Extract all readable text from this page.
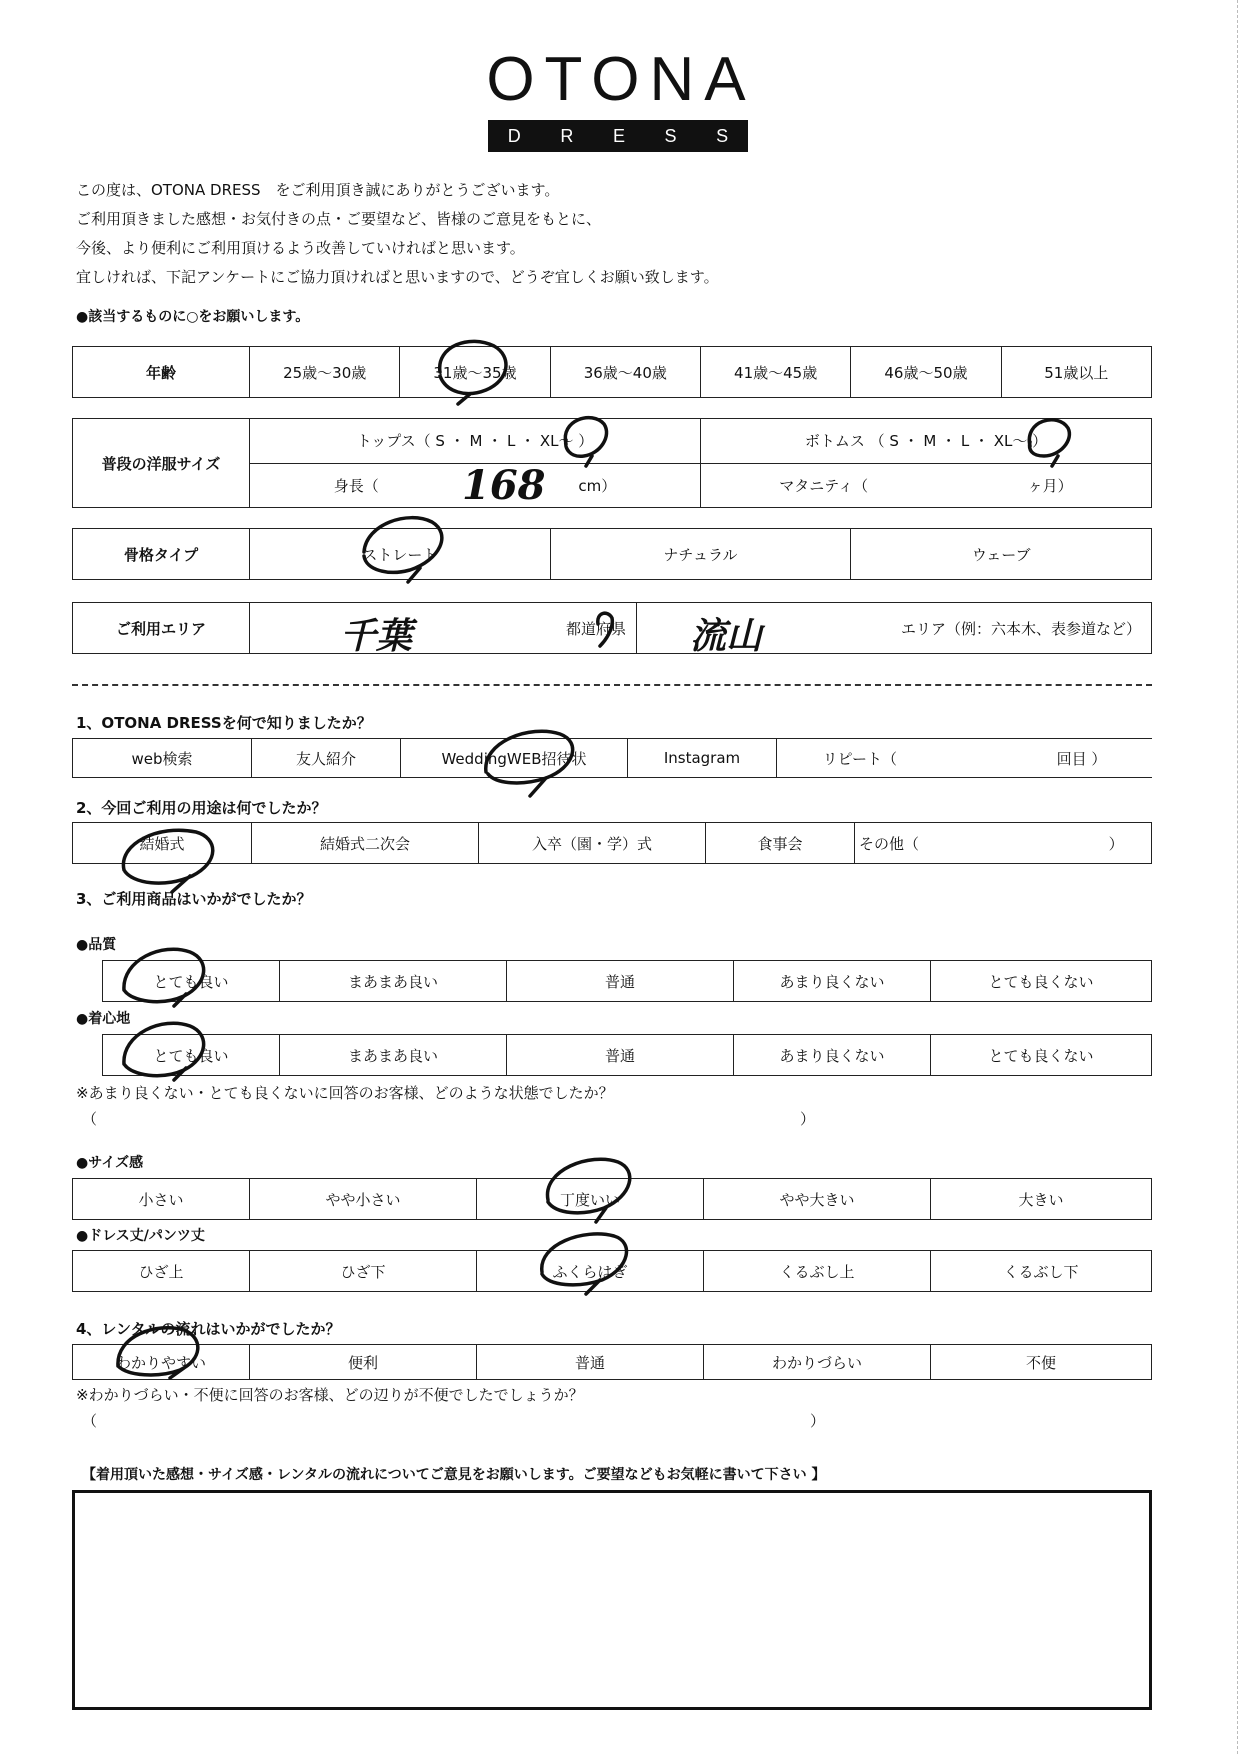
OTONA
D R E S S
この度は、OTONA DRESS　をご利用頂き誠にありがとうございます。
ご利用頂きました感想・お気付きの点・ご要望など、皆様のご意見をもとに、
今後、より便利にご利用頂けるよう改善していければと思います。
宜しければ、下記アンケートにご協力頂ければと思いますので、どうぞ宜しくお願い致します。
●該当するものに○をお願いします。
年齢	25歳〜30歳	31歳〜35歳	36歳〜40歳	41歳〜45歳	46歳〜50歳	51歳以上
普段の洋服サイズ	トップス（ S ・ M ・ L ・ XL〜 ）	ボトムス （ S ・ M ・ L ・ XL〜 ）
	身長（ cm）	マタニティ（ ヶ月）
168
骨格タイプ	ストレート	ナチュラル	ウェーブ
ご利用エリア	都道府県	エリア（例：六本木、表参道など）
千葉	流山
1、OTONA DRESSを何で知りましたか？
web検索	友人紹介	WeddingWEB招待状	Instagram	リピート（	回目 ）
2、今回ご利用の用途は何でしたか？
結婚式	結婚式二次会	入卒（園・学）式	食事会	その他（	）
3、ご利用商品はいかがでしたか？
●品質
とても良い	まあまあ良い	普通	あまり良くない	とても良くない
●着心地
とても良い	まあまあ良い	普通	あまり良くない	とても良くない
※あまり良くない・とても良くないに回答のお客様、どのような状態でしたか？
（	）
●サイズ感
小さい	やや小さい	丁度いい	やや大きい	大きい
●ドレス丈/パンツ丈
ひざ上	ひざ下	ふくらはぎ	くるぶし上	くるぶし下
4、レンタルの流れはいかがでしたか？
わかりやすい	便利	普通	わかりづらい	不便
※わかりづらい・不便に回答のお客様、どの辺りが不便でしたでしょうか？
（	）
【着用頂いた感想・サイズ感・レンタルの流れについてご意見をお願いします。ご要望などもお気軽に書いて下さい 】
